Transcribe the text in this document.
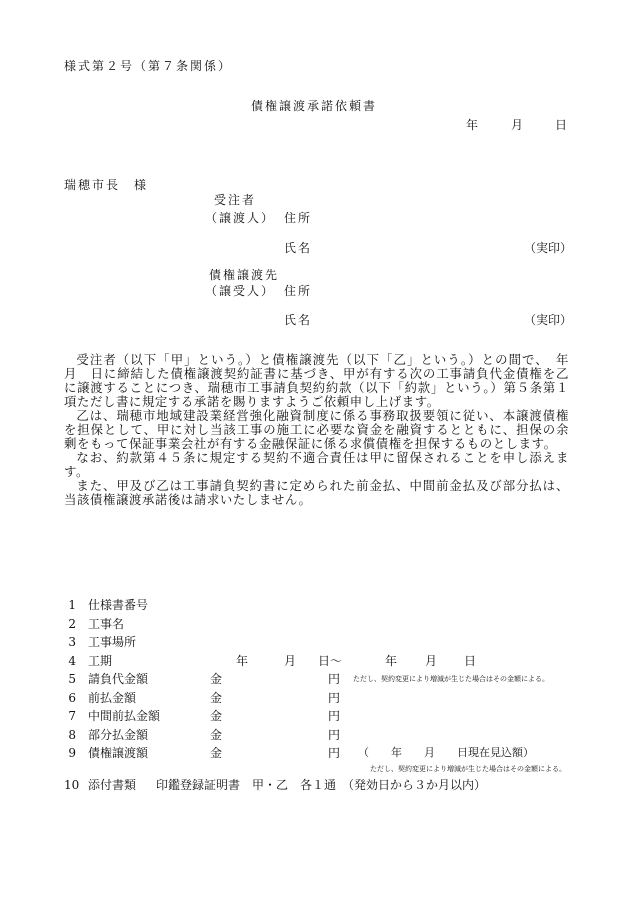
様式第２号（第７条関係）
債権譲渡承諾依頼書
年	月	日
瑞穂市長　様
受注者
（譲渡人） 住所
氏名	（実印）
債権譲渡先
（譲受人） 住所
氏名	（実印）

受注者（以下「甲」という。）と債権譲渡先（以下「乙」という。）との間で、　年　月　日に締結した債権譲渡契約証書に基づき、甲が有する次の工事請負代金債権を乙に譲渡することにつき、瑞穂市工事請負契約約款（以下「約款」という。）第５条第１項ただし書に規定する承諾を賜りますようご依頼申し上げます。

乙は、瑞穂市地域建設業経営強化融資制度に係る事務取扱要領に従い、本譲渡債権を担保として、甲に対し当該工事の施工に必要な資金を融資するとともに、担保の余剰をもって保証事業会社が有する金融保証に係る求償債権を担保するものとします。

なお、約款第４５条に規定する契約不適合責任は甲に留保されることを申し添えます。

また、甲及び乙は工事請負契約書に定められた前金払、中間前金払及び部分払は、当該債権譲渡承諾後は請求いたしません。

1 仕様書番号
2 工事名
3 工事場所
4 工期	年	月 日～	年 月 日
5 請負代金額	金	円 ただし、契約変更により増減が生じた場合はその金額による。
6 前払金額	金	円
7 中間前払金額	金	円
8 部分払金額	金	円
9 債権譲渡額	金	円 （　　年　　月　　日現在見込額）
ただし、契約変更により増減が生じた場合はその金額による。
10 添付書類 印鑑登録証明書　甲・乙　各１通　（発効日から３か月以内）
